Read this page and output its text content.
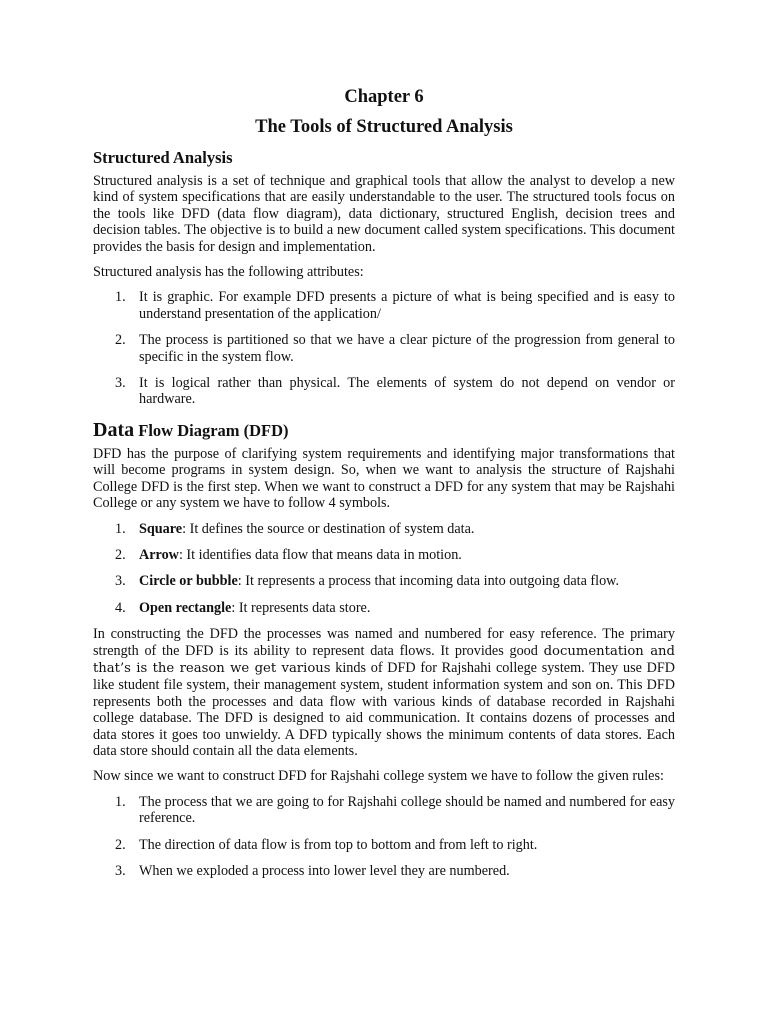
Chapter 6
The Tools of Structured Analysis
Structured Analysis

Structured analysis is a set of technique and graphical tools that allow the analyst to develop a new kind of system specifications that are easily understandable to the user. The structured tools focus on the tools like DFD (data flow diagram), data dictionary, structured English, decision trees and decision tables. The objective is to build a new document called system specifications. This document provides the basis for design and implementation.

Structured analysis has the following attributes:

1. It is graphic. For example DFD presents a picture of what is being specified and is easy to understand presentation of the application/
2. The process is partitioned so that we have a clear picture of the progression from general to specific in the system flow.
3. It is logical rather than physical. The elements of system do not depend on vendor or hardware.
Data Flow Diagram (DFD)

DFD has the purpose of clarifying system requirements and identifying major transformations that will become programs in system design. So, when we want to analysis the structure of Rajshahi College DFD is the first step. When we want to construct a DFD for any system that may be Rajshahi College or any system we have to follow 4 symbols.

1. Square: It defines the source or destination of system data.
2. Arrow: It identifies data flow that means data in motion.
3. Circle or bubble: It represents a process that incoming data into outgoing data flow.
4. Open rectangle: It represents data store.

In constructing the DFD the processes was named and numbered for easy reference. The primary strength of the DFD is its ability to represent data flows. It provides good documentation and that’s is the reason we get various kinds of DFD for Rajshahi college system. They use DFD like student file system, their management system, student information system and son on. This DFD represents both the processes and data flow with various kinds of database recorded in Rajshahi college database. The DFD is designed to aid communication. It contains dozens of processes and data stores it goes too unwieldy. A DFD typically shows the minimum contents of data stores. Each data store should contain all the data elements.

Now since we want to construct DFD for Rajshahi college system we have to follow the given rules:

1. The process that we are going to for Rajshahi college should be named and numbered for easy reference.
2. The direction of data flow is from top to bottom and from left to right.
3. When we exploded a process into lower level they are numbered.
